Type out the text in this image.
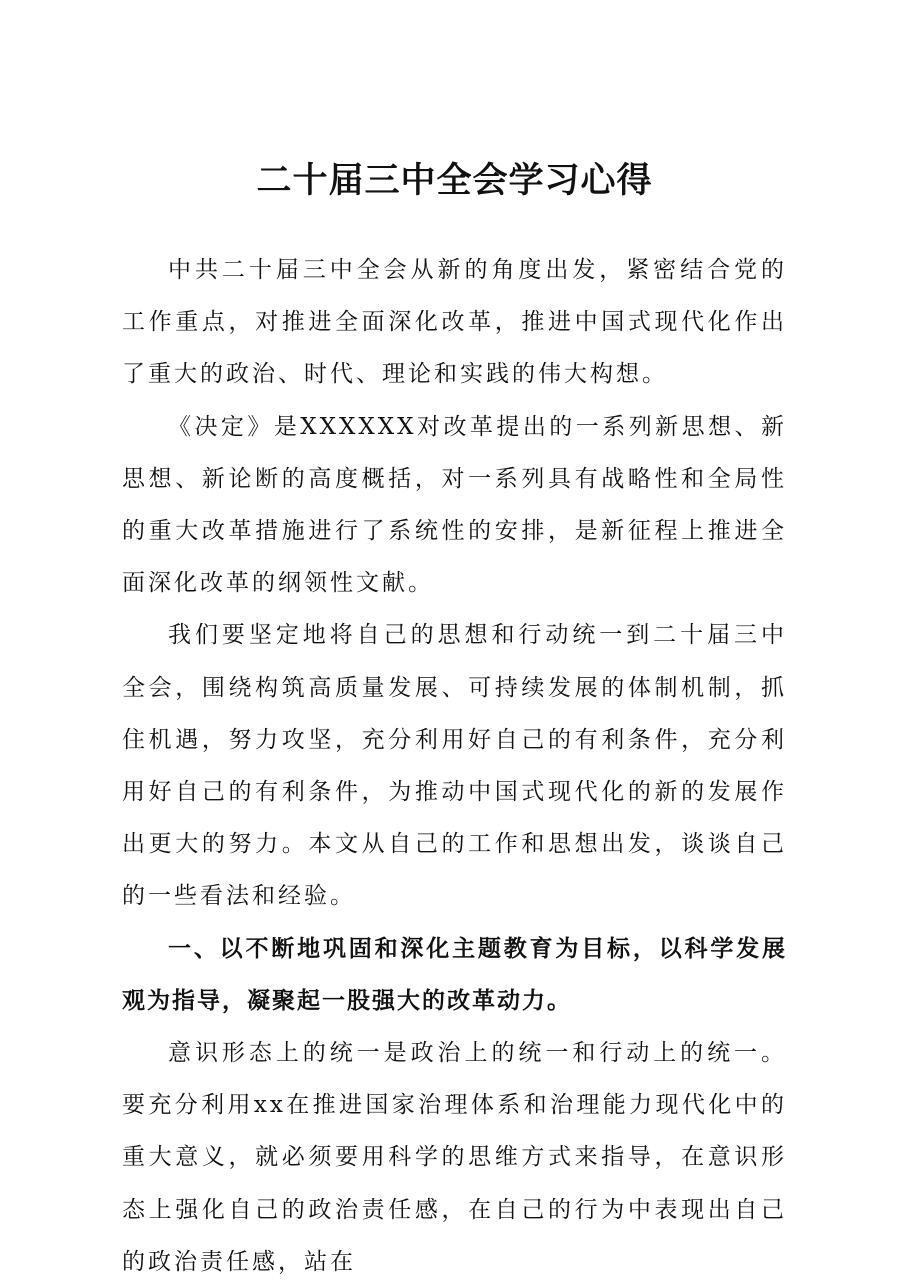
二十届三中全会学习心得

中共二十届三中全会从新的角度出发，紧密结合党的工作重点，对推进全面深化改革，推进中国式现代化作出了重大的政治、时代、理论和实践的伟大构想。

《决定》是XXXXXX对改革提出的一系列新思想、新思想、新论断的高度概括，对一系列具有战略性和全局性的重大改革措施进行了系统性的安排，是新征程上推进全面深化改革的纲领性文献。

我们要坚定地将自己的思想和行动统一到二十届三中全会，围绕构筑高质量发展、可持续发展的体制机制，抓住机遇，努力攻坚，充分利用好自己的有利条件，充分利用好自己的有利条件，为推动中国式现代化的新的发展作出更大的努力。本文从自己的工作和思想出发，谈谈自己的一些看法和经验。

一、以不断地巩固和深化主题教育为目标，以科学发展观为指导，凝聚起一股强大的改革动力。

意识形态上的统一是政治上的统一和行动上的统一。要充分利用xx在推进国家治理体系和治理能力现代化中的重大意义，就必须要用科学的思维方式来指导，在意识形态上强化自己的政治责任感，在自己的行为中表现出自己的政治责任感，站在
